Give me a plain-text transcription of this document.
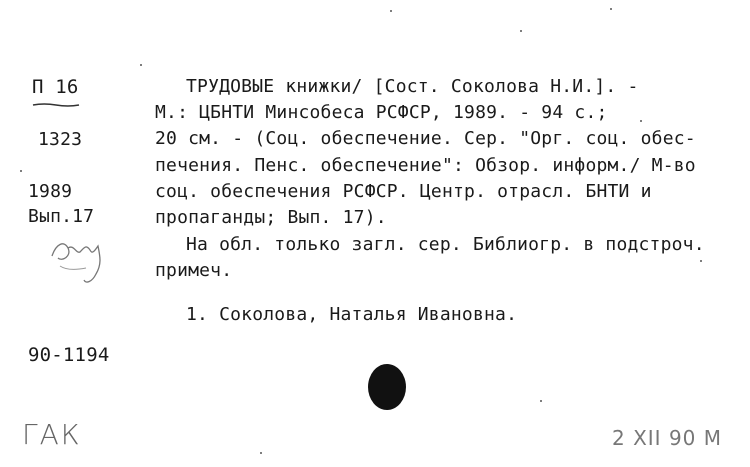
П 16
1323
1989
Вып.17
90-1194
ТРУДОВЫЕ книжки/ [Сост. Соколова Н.И.]. -
М.: ЦБНТИ Минсобеса РСФСР, 1989. - 94 с.;
20 см. - (Соц. обеспечение. Сер. "Орг. соц. обес-
печения. Пенс. обеспечение": Обзор. информ./ М-во
соц. обеспечения РСФСР. Центр. отрасл. БНТИ и
пропаганды; Вып. 17).
На обл. только загл. сер. Библиогр. в подстроч.
примеч.
1. Соколова, Наталья Ивановна.
ГАК	2 XII 90 М
